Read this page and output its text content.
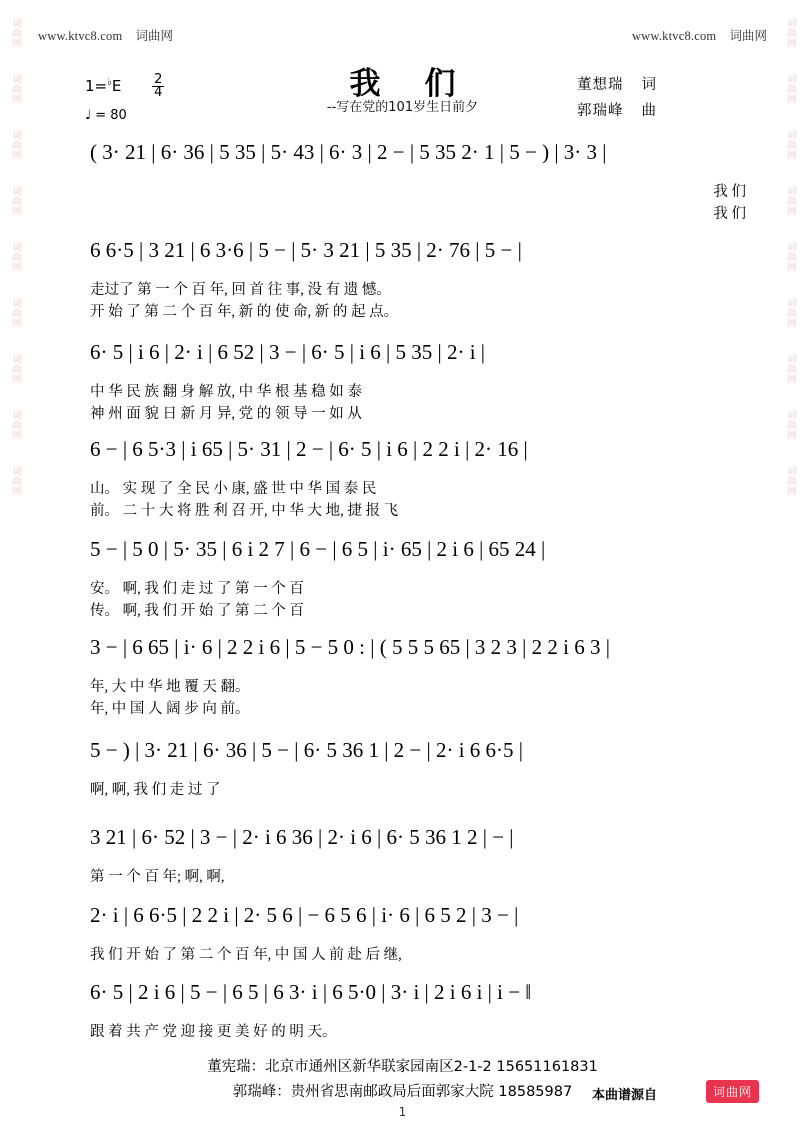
词曲网
词曲网
词曲网
词曲网
词曲网
词曲网
词曲网
词曲网
词曲网
词曲网
词曲网
词曲网
词曲网
词曲网
词曲网
词曲网
词曲网
词曲网
www.ktvc8.com 词曲网	www.ktvc8.com 词曲网
我们
--写在党的101岁生日前夕
董想瑞 词
郭瑞峰 曲
$1=^♭E \frac{2}{4}$
♩ = 80
( 3· 21 | 6· 36 | 5 35 | 5· 43 | 6· 3 | 2 − | 5 35 2· 1 | 5 − ) | 3· 3 |
我 们
我 们
6 6·5 | 3 21 | 6 3·6 | 5 − | 5· 3 21 | 5 35 | 2· 76 | 5 − |
走过了 第 一 个 百 年, 回 首 往 事, 没 有 遗 憾。
开 始 了 第 二 个 百 年, 新 的 使 命, 新 的 起 点。
6· 5 | i 6 | 2· i | 6 52 | 3 − | 6· 5 | i 6 | 5 35 | 2· i |
中 华 民 族 翻 身 解 放, 中 华 根 基 稳 如 泰
神 州 面 貌 日 新 月 异, 党 的 领 导 一 如 从
6 − | 6 5·3 | i 65 | 5· 31 | 2 − | 6· 5 | i 6 | 2 2 i | 2· 16 |
山。 实 现 了 全 民 小 康, 盛 世 中 华 国 泰 民
前。 二 十 大 将 胜 利 召 开, 中 华 大 地, 捷 报 飞
5 − | 5 0 | 5· 35 | 6 i 2 7 | 6 − | 6 5 | i· 65 | 2 i 6 | 65 24 |
安。 啊, 我 们 走 过 了 第 一 个 百
传。 啊, 我 们 开 始 了 第 二 个 百
3 − | 6 65 | i· 6 | 2 2 i 6 | 5 − 5 0 : | ( 5 5 5 65 | 3 2 3 | 2 2 i 6 3 |
年, 大 中 华 地 覆 天 翻。
年, 中 国 人 阔 步 向 前。
5 − ) | 3· 21 | 6· 36 | 5 − | 6· 5 36 1 | 2 − | 2· i 6 6·5 |
啊, 啊, 我 们 走 过 了
3 21 | 6· 52 | 3 − | 2· i 6 36 | 2· i 6 | 6· 5 36 1 2 | − |
第 一 个 百 年; 啊, 啊,
2· i | 6 6·5 | 2 2 i | 2· 5 6 | − 6 5 6 | i· 6 | 6 5 2 | 3 − |
我 们 开 始 了 第 二 个 百 年, 中 国 人 前 赴 后 继,
6· 5 | 2 i 6 | 5 − | 6 5 | 6 3· i | 6 5·0 | 3· i | 2 i 6 i | i − ‖
跟 着 共 产 党 迎 接 更 美 好 的 明 天。
董宪瑞：北京市通州区新华联家园南区2-1-2 15651161831
郭瑞峰：贵州省思南邮政局后面郭家大院 18585987	本曲谱源自	词曲网
1
